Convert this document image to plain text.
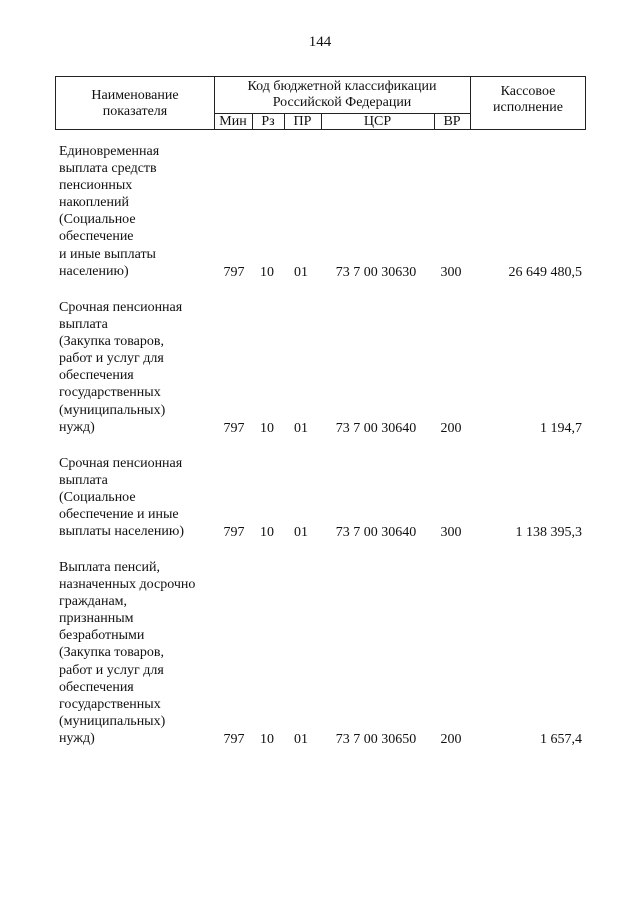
144
Наименование
показателя
Код бюджетной классификации
Российской Федерации
Кассовое
исполнение
Мин	Рз	ПР	ЦСР	ВР
Единовременная
выплата средств
пенсионных
накоплений
(Социальное
обеспечение
и иные выплаты
населению)	797	10	01	73 7 00 30630	300	26 649 480,5
Срочная пенсионная
выплата
(Закупка товаров,
работ и услуг для
обеспечения
государственных
(муниципальных)
нужд)	797	10	01	73 7 00 30640	200	1 194,7
Срочная пенсионная
выплата
(Социальное
обеспечение и иные
выплаты населению)	797	10	01	73 7 00 30640	300	1 138 395,3
Выплата пенсий,
назначенных досрочно
гражданам,
признанным
безработными
(Закупка товаров,
работ и услуг для
обеспечения
государственных
(муниципальных)
нужд)	797	10	01	73 7 00 30650	200	1 657,4
